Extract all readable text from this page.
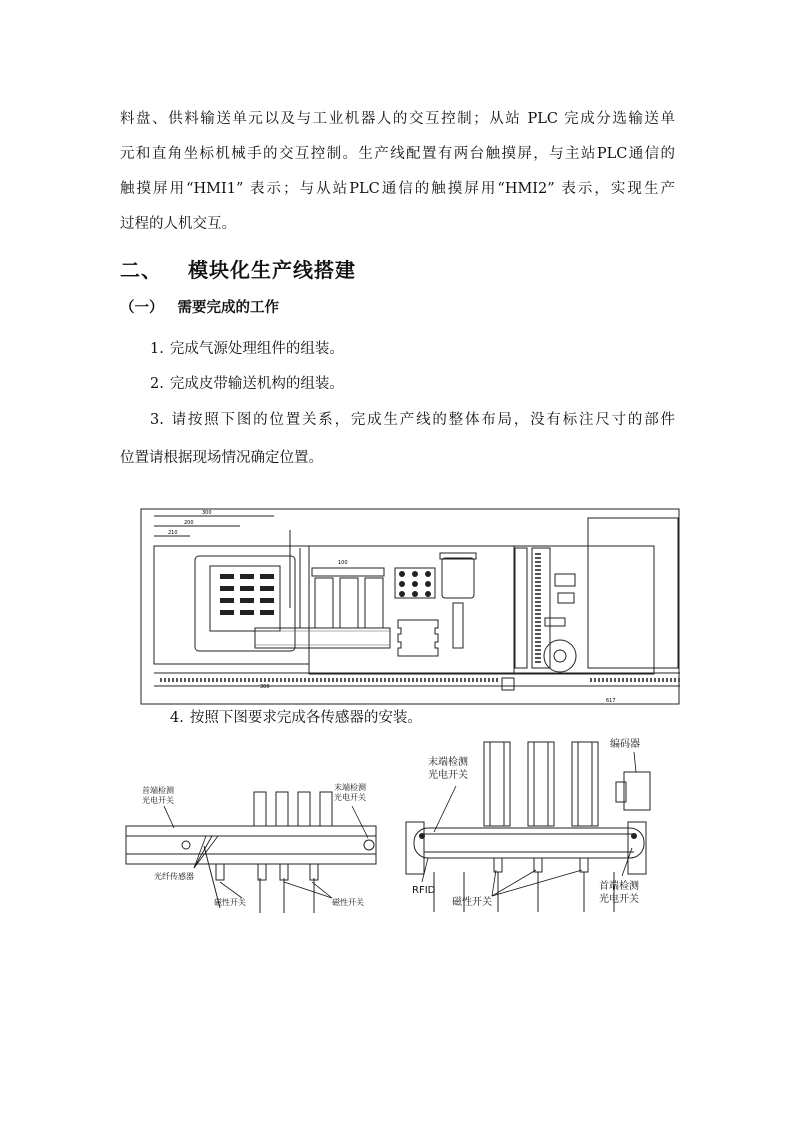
料盘、供料输送单元以及与工业机器人的交互控制；从站 PLC 完成分选输送单
元和直角坐标机械手的交互控制。生产线配置有两台触摸屏，与主站PLC通信的
触摸屏用“HMI1” 表示；与从站PLC通信的触摸屏用“HMI2” 表示，实现生产
过程的人机交互。
二、 模块化生产线搭建
（一） 需要完成的工作
1. 完成气源处理组件的组装。
2. 完成皮带输送机构的组装。
3. 请按照下图的位置关系，完成生产线的整体布局，没有标注尺寸的部件
位置请根据现场情况确定位置。
300
200
210
300
100
617
4. 按照下图要求完成各传感器的安装。
首端检测
光电开关
末端检测
光电开关
光纤传感器
磁性开关	磁性开关
末端检测
光电开关
编码器
RFID
磁性开关
首端检测
光电开关
